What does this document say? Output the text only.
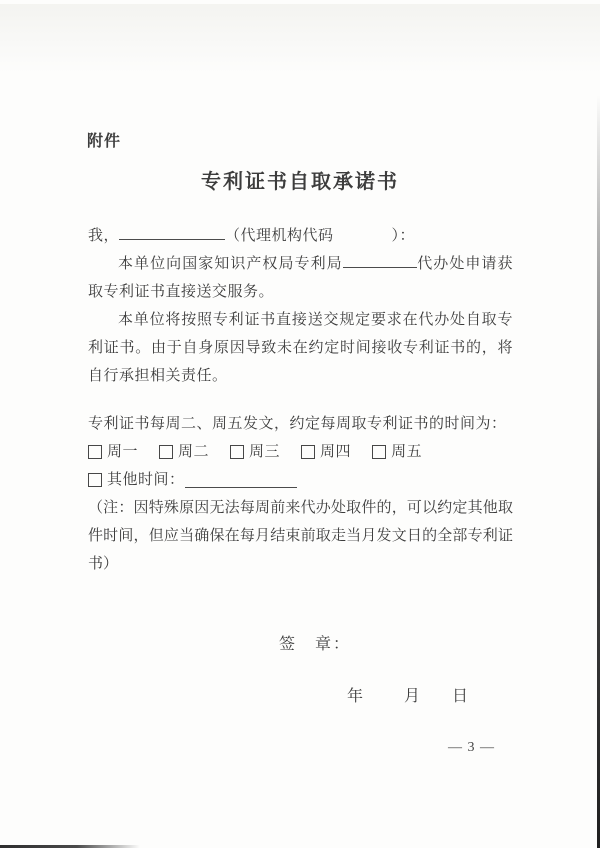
附件
专利证书自取承诺书

我，	（代理机构代码	）：

本单位向国家知识产权局专利局	代办处申请获取专利证书直接送交服务。

本单位将按照专利证书直接送交规定要求在代办处自取专利证书。由于自身原因导致未在约定时间接收专利证书的，将自行承担相关责任。

专利证书每周二、周五发文，约定每周取专利证书的时间为：

周一	周二	周三	周四	周五
其他时间：

（注：因特殊原因无法每周前来代办处取件的，可以约定其他取件时间，但应当确保在每月结束前取走当月发文日的全部专利证书）

签　章：
年	月 日
— 3 —
